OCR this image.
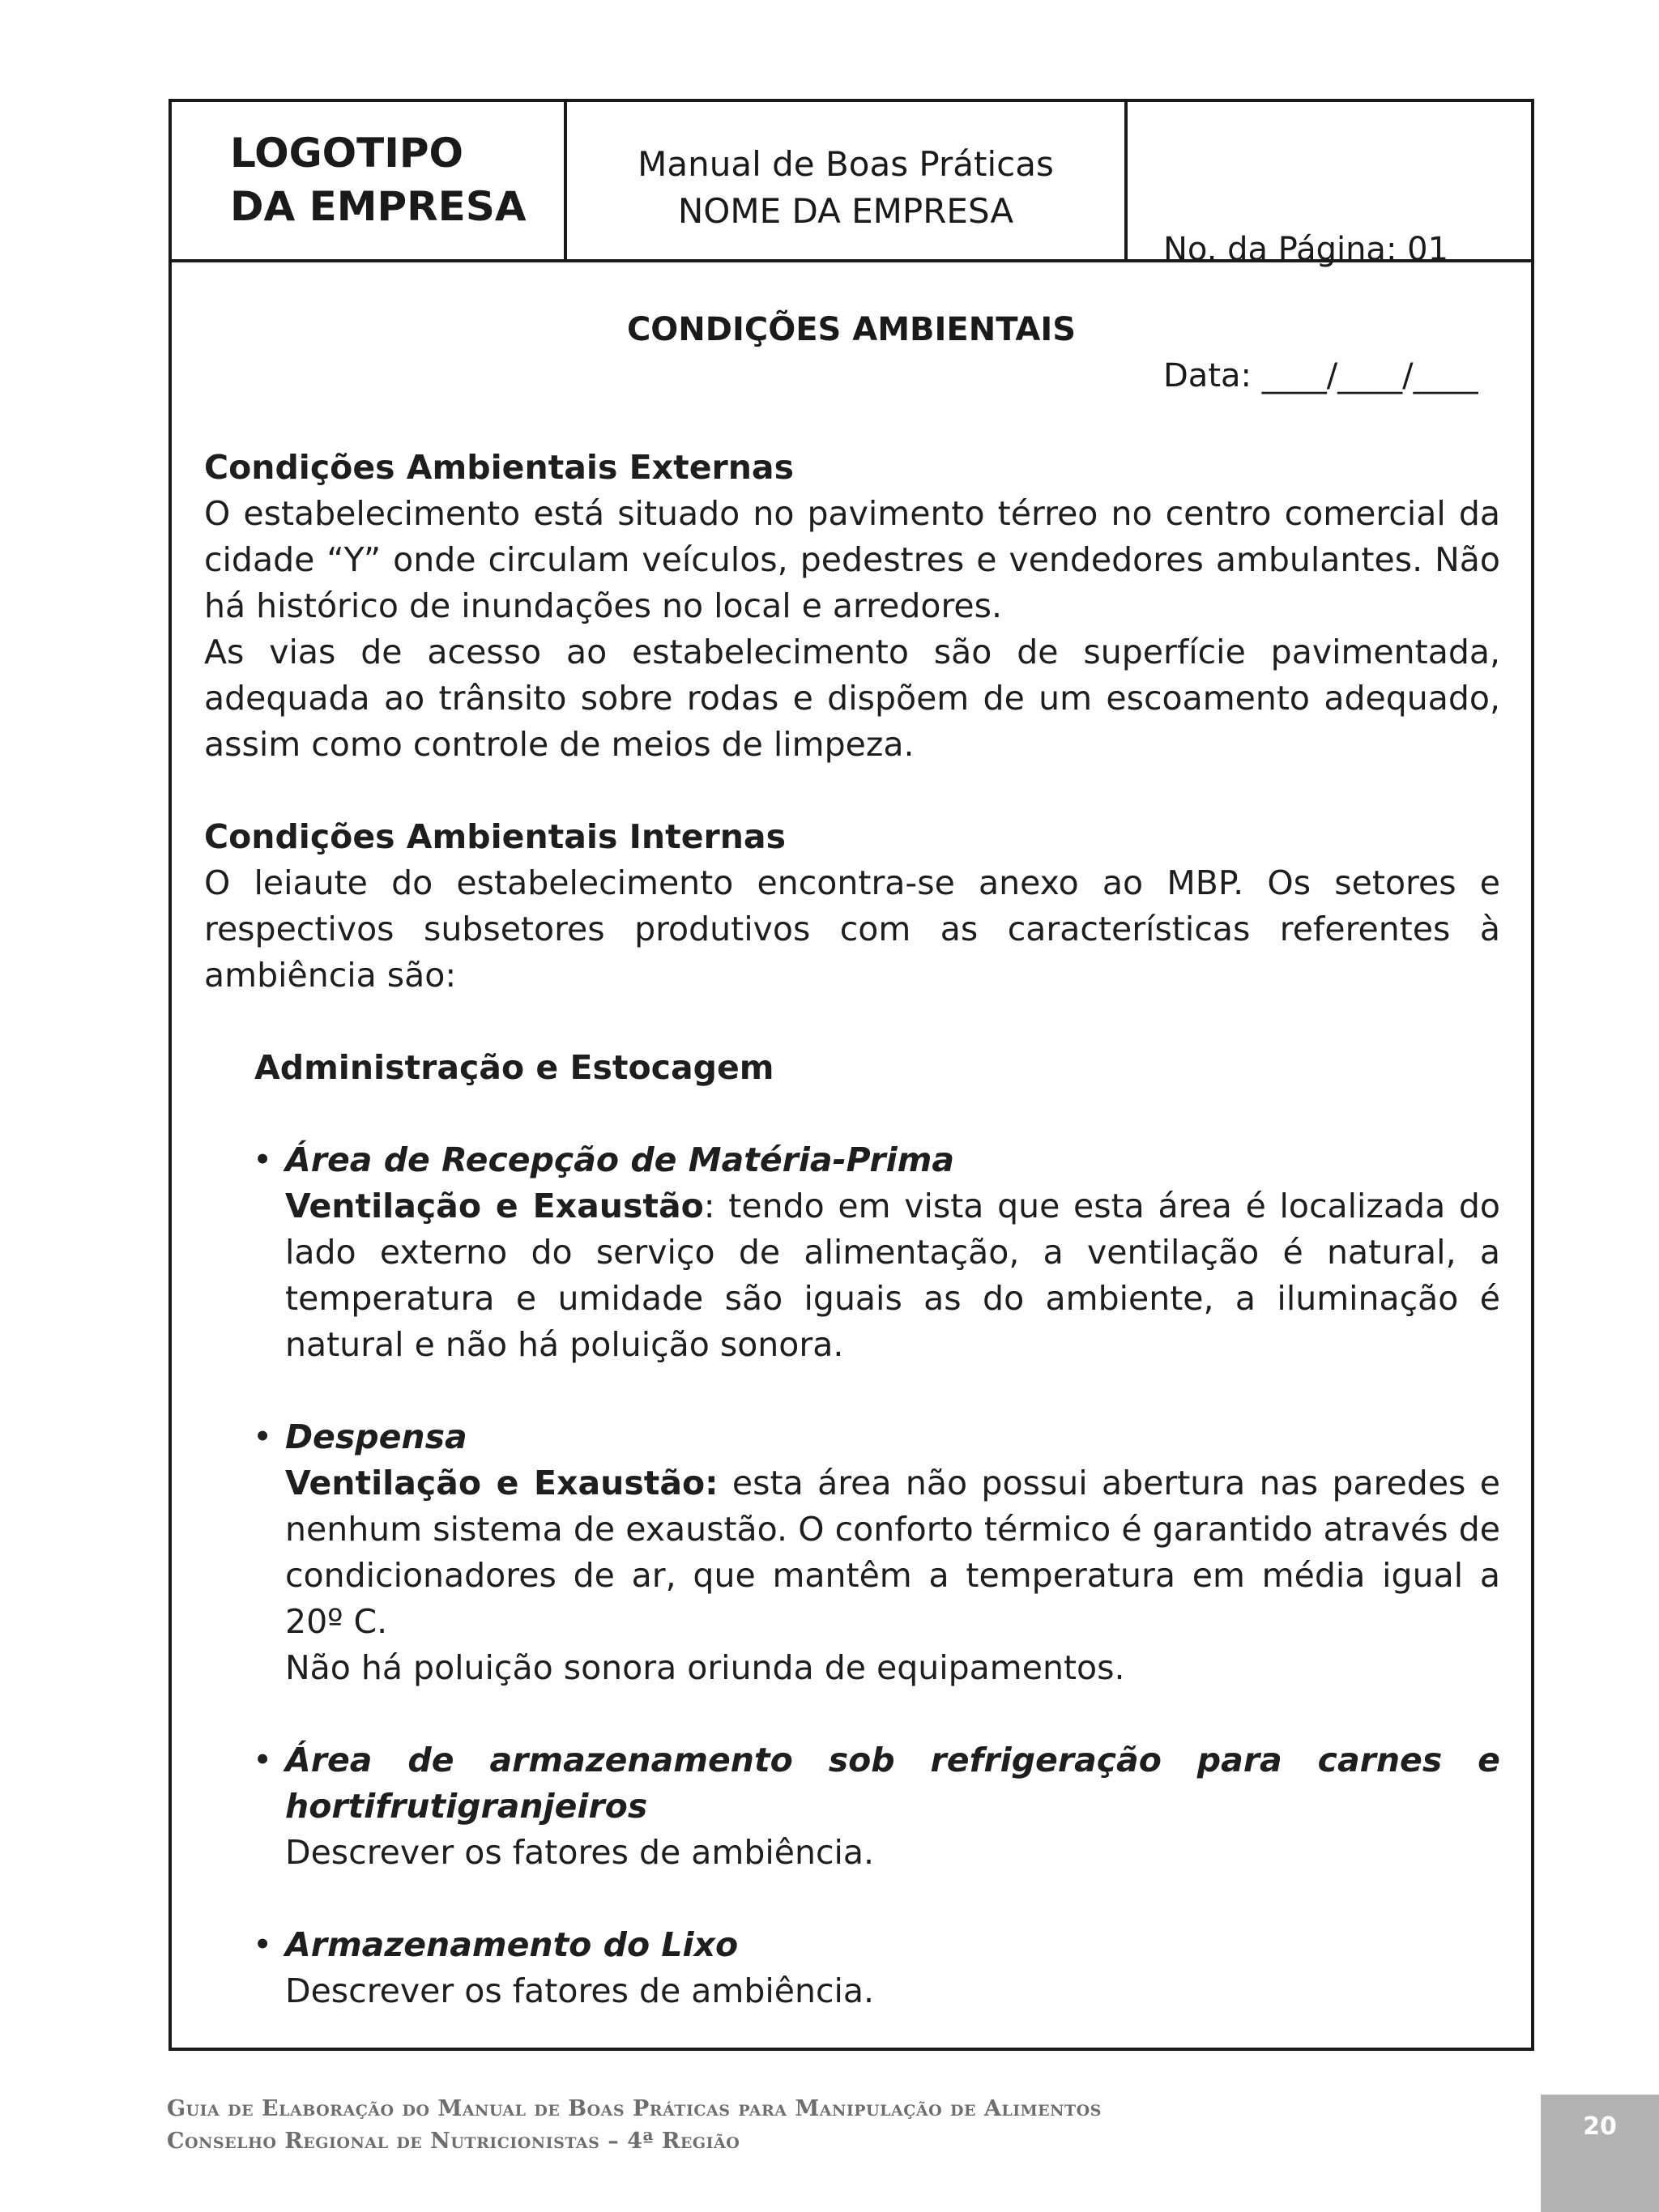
LOGOTIPO
DA EMPRESA
Manual de Boas Práticas
NOME DA EMPRESA

No. da Página: 01

Data: ____/____/____

CONDIÇÕES AMBIENTAIS

Condições Ambientais Externas

O estabelecimento está situado no pavimento térreo no centro comercial da cidade “Y” onde circulam veículos, pedestres e vendedores ambulantes. Não há histórico de inundações no local e arredores.

As vias de acesso ao estabelecimento são de superfície pavimentada, adequada ao trânsito sobre rodas e dispõem de um escoamento adequado, assim como controle de meios de limpeza.

Condições Ambientais Internas

O leiaute do estabelecimento encontra-se anexo ao MBP. Os setores e respectivos subsetores produtivos com as características referentes à ambiência são:

Administração e Estocagem

• Área de Recepção de Matéria-Prima
Ventilação e Exaustão: tendo em vista que esta área é localizada do lado externo do serviço de alimentação, a ventilação é natural, a temperatura e umidade são iguais as do ambiente, a iluminação é natural e não há poluição sonora.
• Despensa
Ventilação e Exaustão: esta área não possui abertura nas paredes e nenhum sistema de exaustão. O conforto térmico é garantido através de condicionadores de ar, que mantêm a temperatura em média igual a 20º C.
Não há poluição sonora oriunda de equipamentos.
• Área de armazenamento sob refrigeração para carnes e
hortifrutigranjeiros
Descrever os fatores de ambiência.
• Armazenamento do Lixo
Descrever os fatores de ambiência.
Guia de Elaboração do Manual de Boas Práticas para Manipulação de Alimentos
Conselho Regional de Nutricionistas – 4ª Região
20
